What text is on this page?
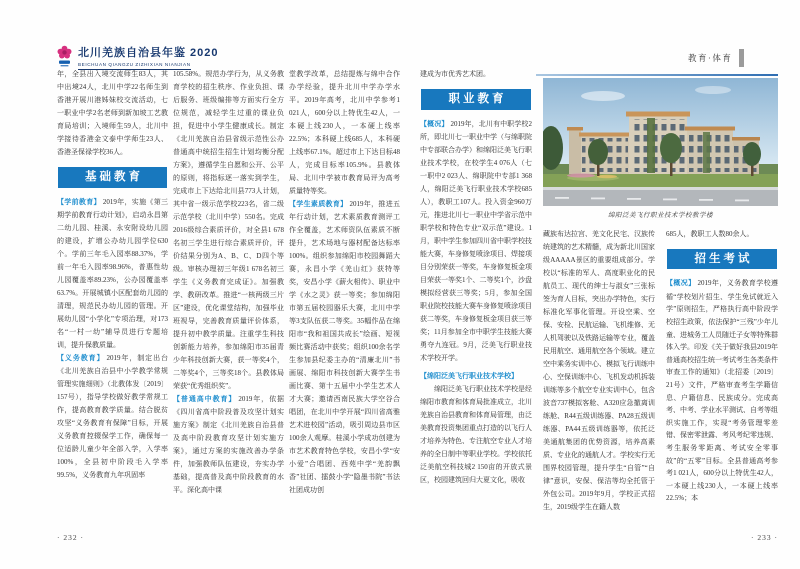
北川羌族自治县年鉴 2020
BEICHUAN QIANGZU ZIZHIXIAN NIANJIAN
教育·体育

年，全县出入境交流师生83人，其中出境24人，北川中学22名师生到香港开展川港姊妹校交流活动，七一职业中学2名老师到新加坡工艺教育局培训；入境师生59人，北川中学接待香港金文泰中学师生23人、香港圣保禄学校36人。

基础教育

【学前教育】 2019年，实施《第三期学前教育行动计划》，启动永昌第二幼儿园、桂溪、永安附设幼儿园的建设，扩增公办幼儿园学位630个。学前三年毛入园率88.37%，学前一年毛入园率98.96%，普惠性幼儿园覆盖率89.23%，公办园覆盖率63.7%。开展城镇小区配套幼儿园的清理，规范民办幼儿园的管理。开展幼儿园“小学化”专项治理，对173名“一村一幼”辅导员进行专题培训，提升保教质量。

【义务教育】 2019年，制定出台《北川羌族自治县中小学教学常规管理实施细则》（北教体发〔2019〕157号），指导学校做好教学常规工作，提高教育教学质量。结合脱贫攻坚“义务教育有保障”目标，开展义务教育控辍保学工作，确保每一位适龄儿童少年全部入学，入学率100%，全县初中阶段毛入学率99.5%，义务教育九年巩固率

105.58%。规范办学行为，从义务教育学校的招生秩序、作业负担、课后服务、班级编排等方面实行全方位规范，减轻学生过重的课业负担，促进中小学生健康成长。制定《北川羌族自治县省级示范性公办普通高中统招生招生计划均衡分配方案》，遵循学生自愿和公开、公平的原则，将指标逐一落实到学生，完成市上下达给北川县773人计划，其中省一级示范学校223名，省二级示范学校（北川中学）550名。完成2016级综合素质评价，对全县1 678名初三学生进行综合素质评价，评价结果分别为A、B、C、D四个等级。审核办理初三年级1 678名初三学生《义务教育完成证》。加强教学、教研改革。推进“一核两级三片区”建设，优化课堂结构，加强毕业班视导，完善教育质量评价体系，提升初中教学质量。注重学生科技创新能力培养，参加绵阳市35届青少年科技创新大赛，获一等奖4个，二等奖4个，三等奖18个。县教体局荣获“优秀组织奖”。

【普通高中教育】 2019年，依据《四川省高中阶段普及攻坚计划实施方案》制定《北川羌族自治县普及高中阶段教育攻坚计划实施方案》，通过方案的实施改善办学条件，加强教师队伍建设，夯实办学基础，提高普及高中阶段教育的水平。深化高中课

堂教学改革，总结提炼与绵中合作办学经验，提升北川中学办学水平。2019年高考，北川中学参考1 021人，600分以上特优生42人，一本硬上线230人，一本硬上线率22.5%；本科硬上线685人，本科硬上线率67.1%。超过市上下达目标48人，完成目标率105.9%。县教体局、北川中学被市教育局评为高考质量特等奖。

【学生素质教育】 2019年，推进五年行动计划，艺术素质教育测评工作全覆盖，艺术师资队伍素质不断提升，艺术场地与器材配备达标率100%。组织参加绵阳市校园舞蹈大赛，永昌小学《羌山红》获特等奖，安昌小学《薪火相传》、职业中学《水之灵》获一等奖；参加绵阳市第五届校园器乐大赛，北川中学等3支队伍获二等奖。35幅作品在绵阳市“我和祖国共成长”绘画、短视频比赛活动中获奖；组织100余名学生参加县纪委主办的“清廉北川”书画展、绵阳市科技创新大赛学生书画比赛、第十五届中小学生艺术人才大赛；邀请西南民族大学空谷合唱团，在北川中学开展“四川省高雅艺术进校园”活动，吸引周边县市区100余人观摩。桂溪小学成功创建为市艺术教育特色学校，安昌小学“安小爱”合唱团、西苑中学“羌韵飘香”社团、擂鼓小学“隐墨书院”书法社团成功创

建成为市优秀艺术团。

职业教育

【概况】 2019年，北川有中职学校2所，即北川七一职业中学（与绵职院中专部联合办学）和绵阳泛美飞行职业技术学校，在校学生4 076人（七一职中2 023人、绵职院中专部1 368人，绵阳泛美飞行职业技术学校685人），教职工107人。投入资金960万元，推进北川七一职业中学省示范中职学校和特色专业“双示范”建设。1月，职中学生参加四川省中职学校技能大赛，车身修复喷涂项目、焊接项目分别荣获一等奖，车身修复板金项目荣获一等奖1个、二等奖1个，沙盘模拟经营获三等奖；5月，参加全国职业院校技能大赛车身修复喷涂项目获二等奖，车身修复板金项目获三等奖；11月参加全市中职学生技能大赛勇夺九连冠。9月，泛美飞行职业技术学校开学。

【绵阳泛美飞行职业技术学校】

绵阳泛美飞行职业技术学校是经绵阳市教育和体育局批准成立，北川羌族自治县教育和体育局管理，由泛美教育投资集团重点打造的以飞行人才培养为特色、专注航空专业人才培养的全日制中等职业学校。学校依托泛美航空科技城2 150亩的开放式景区，校园建筑回归大夏文化，吸收

绵阳泛美飞行职业技术学校教学楼

藏族布达拉宫、羌文化民宅、汉族传统建筑的艺术精髓，成为新北川国家级AAAAA景区的重要组成部分。学校以“标准的军人、高度职业化的民航员工、现代的绅士与淑女”三张标签为育人目标，突出办学特色，实行标准化军事化管理。开设空乘、空保、安检、民航运输、飞机维修、无人机驾驶以及铁路运输等专业，覆盖民用航空、通用航空各个领域。建立空中乘务实训中心、模拟飞行训练中心、空保训练中心、飞机发动机拆装训练等多个航空专业实训中心，包含波音737模拟客舱、A320应急撤离训练舱、R44五级训练器、PA28五级训练器、PA44五级训练器等，依托泛美通航集团的优势资源，培养高素质、专业化的通航人才。学校实行无围界校园管理，提升学生“自管”“自律”意识，安保、保洁等均全托管于外包公司。2019年9月，学校正式招生，2019级学生在籍人数

685人，教职工人数80余人。

招生考试

【概况】 2019年，义务教育学校遵循“学校划片招生、学生免试就近入学”原则招生，严格执行高中阶段学校招生政策，依法保护“三残”少年儿童、进城务工人员随迁子女等特殊群体入学。印发《关于做好我县2019年普通高校招生统一考试考生各类条件审查工作的通知》（北招委〔2019〕21号）文件，严格审查考生学籍信息、户籍信息、民族成分。完成高考、中考、学业水平测试、自考等组织实施工作，实现“考务管理零差错、保密零泄露、考风考纪零违规、考生服务零距离、考试安全零事故”的“五零”目标。全县普通高考参考1 021人，600分以上特优生42人，一本硬上线230人，一本硬上线率22.5%；本

· 232 ·	· 233 ·
